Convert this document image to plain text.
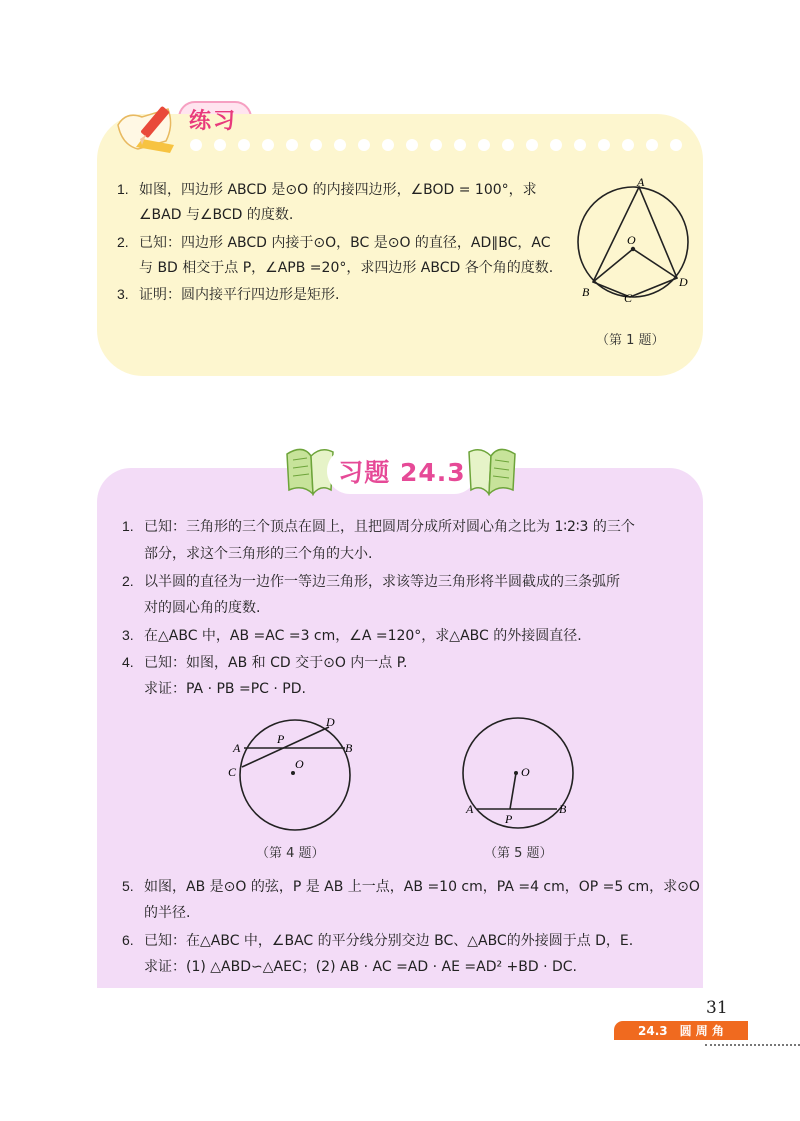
练习
1. 如图，四边形 ABCD 是⊙O 的内接四边形，∠BOD = 100°，求
∠BAD 与∠BCD 的度数.
2. 已知：四边形 ABCD 内接于⊙O，BC 是⊙O 的直径，AD∥BC，AC
与 BD 相交于点 P，∠APB =20°，求四边形 ABCD 各个角的度数.
3. 证明：圆内接平行四边形是矩形.
A
O
B	C
D
（第 1 题）
习题 24.3
1. 已知：三角形的三个顶点在圆上，且把圆周分成所对圆心角之比为 1∶2∶3 的三个
部分，求这个三角形的三个角的大小.
2. 以半圆的直径为一边作一等边三角形，求该等边三角形将半圆截成的三条弧所
对的圆心角的度数.
3. 在△ABC 中，AB =AC =3 cm，∠A =120°，求△ABC 的外接圆直径.
4. 已知：如图，AB 和 CD 交于⊙O 内一点 P.
求证：PA · PB =PC · PD.
A	B
C
D
P
O
（第 4 题）
A	B
P
O
（第 5 题）
5. 如图，AB 是⊙O 的弦，P 是 AB 上一点，AB =10 cm，PA =4 cm，OP =5 cm，求⊙O
的半径.
6. 已知：在△ABC 中，∠BAC 的平分线分别交边 BC、△ABC的外接圆于点 D，E.
求证：(1) △ABD∽△AEC；(2) AB · AC =AD · AE =AD² +BD · DC.
31
24.3　圆 周 角
